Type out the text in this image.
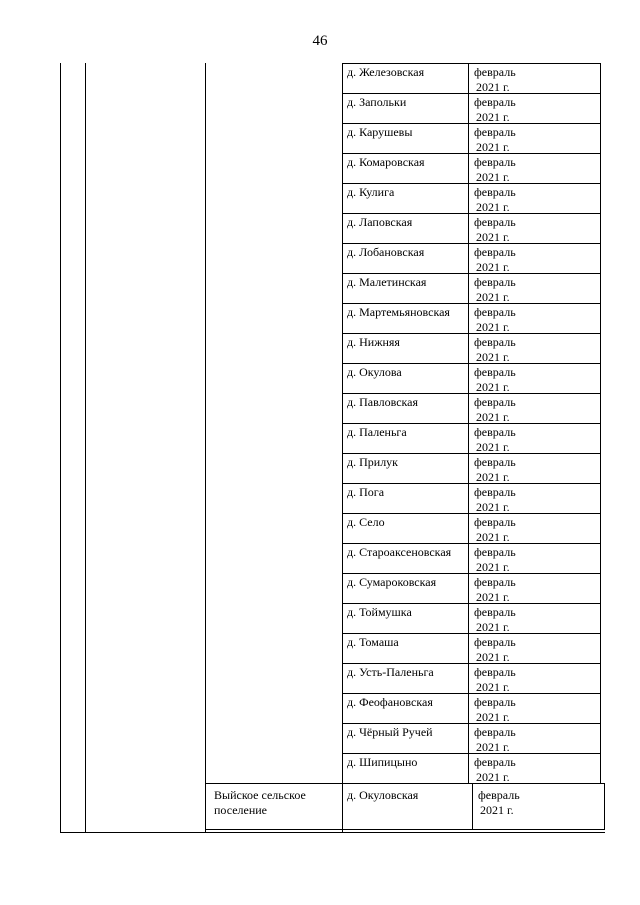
46
Выйское сельское поселение
д. Железовская	февраль
2021 г.
д. Запольки	февраль
2021 г.
д. Карушевы	февраль
2021 г.
д. Комаровская	февраль
2021 г.
д. Кулига	февраль
2021 г.
д. Лаповская	февраль
2021 г.
д. Лобановская	февраль
2021 г.
д. Малетинская	февраль
2021 г.
д. Мартемьяновская февраль
2021 г.
д. Нижняя	февраль
2021 г.
д. Окулова	февраль
2021 г.
д. Павловская	февраль
2021 г.
д. Паленьга	февраль
2021 г.
д. Прилук	февраль
2021 г.
д. Пога	февраль
2021 г.
д. Село	февраль
2021 г.
д. Староаксеновская февраль
2021 г.
д. Сумароковская	февраль
2021 г.
д. Тоймушка	февраль
2021 г.
д. Томаша	февраль
2021 г.
д. Усть-Паленьга	февраль
2021 г.
д. Феофановская	февраль
2021 г.
д. Чёрный Ручей	февраль
2021 г.
д. Шипицыно	февраль
2021 г.
д. Окуловская	февраль
2021 г.
